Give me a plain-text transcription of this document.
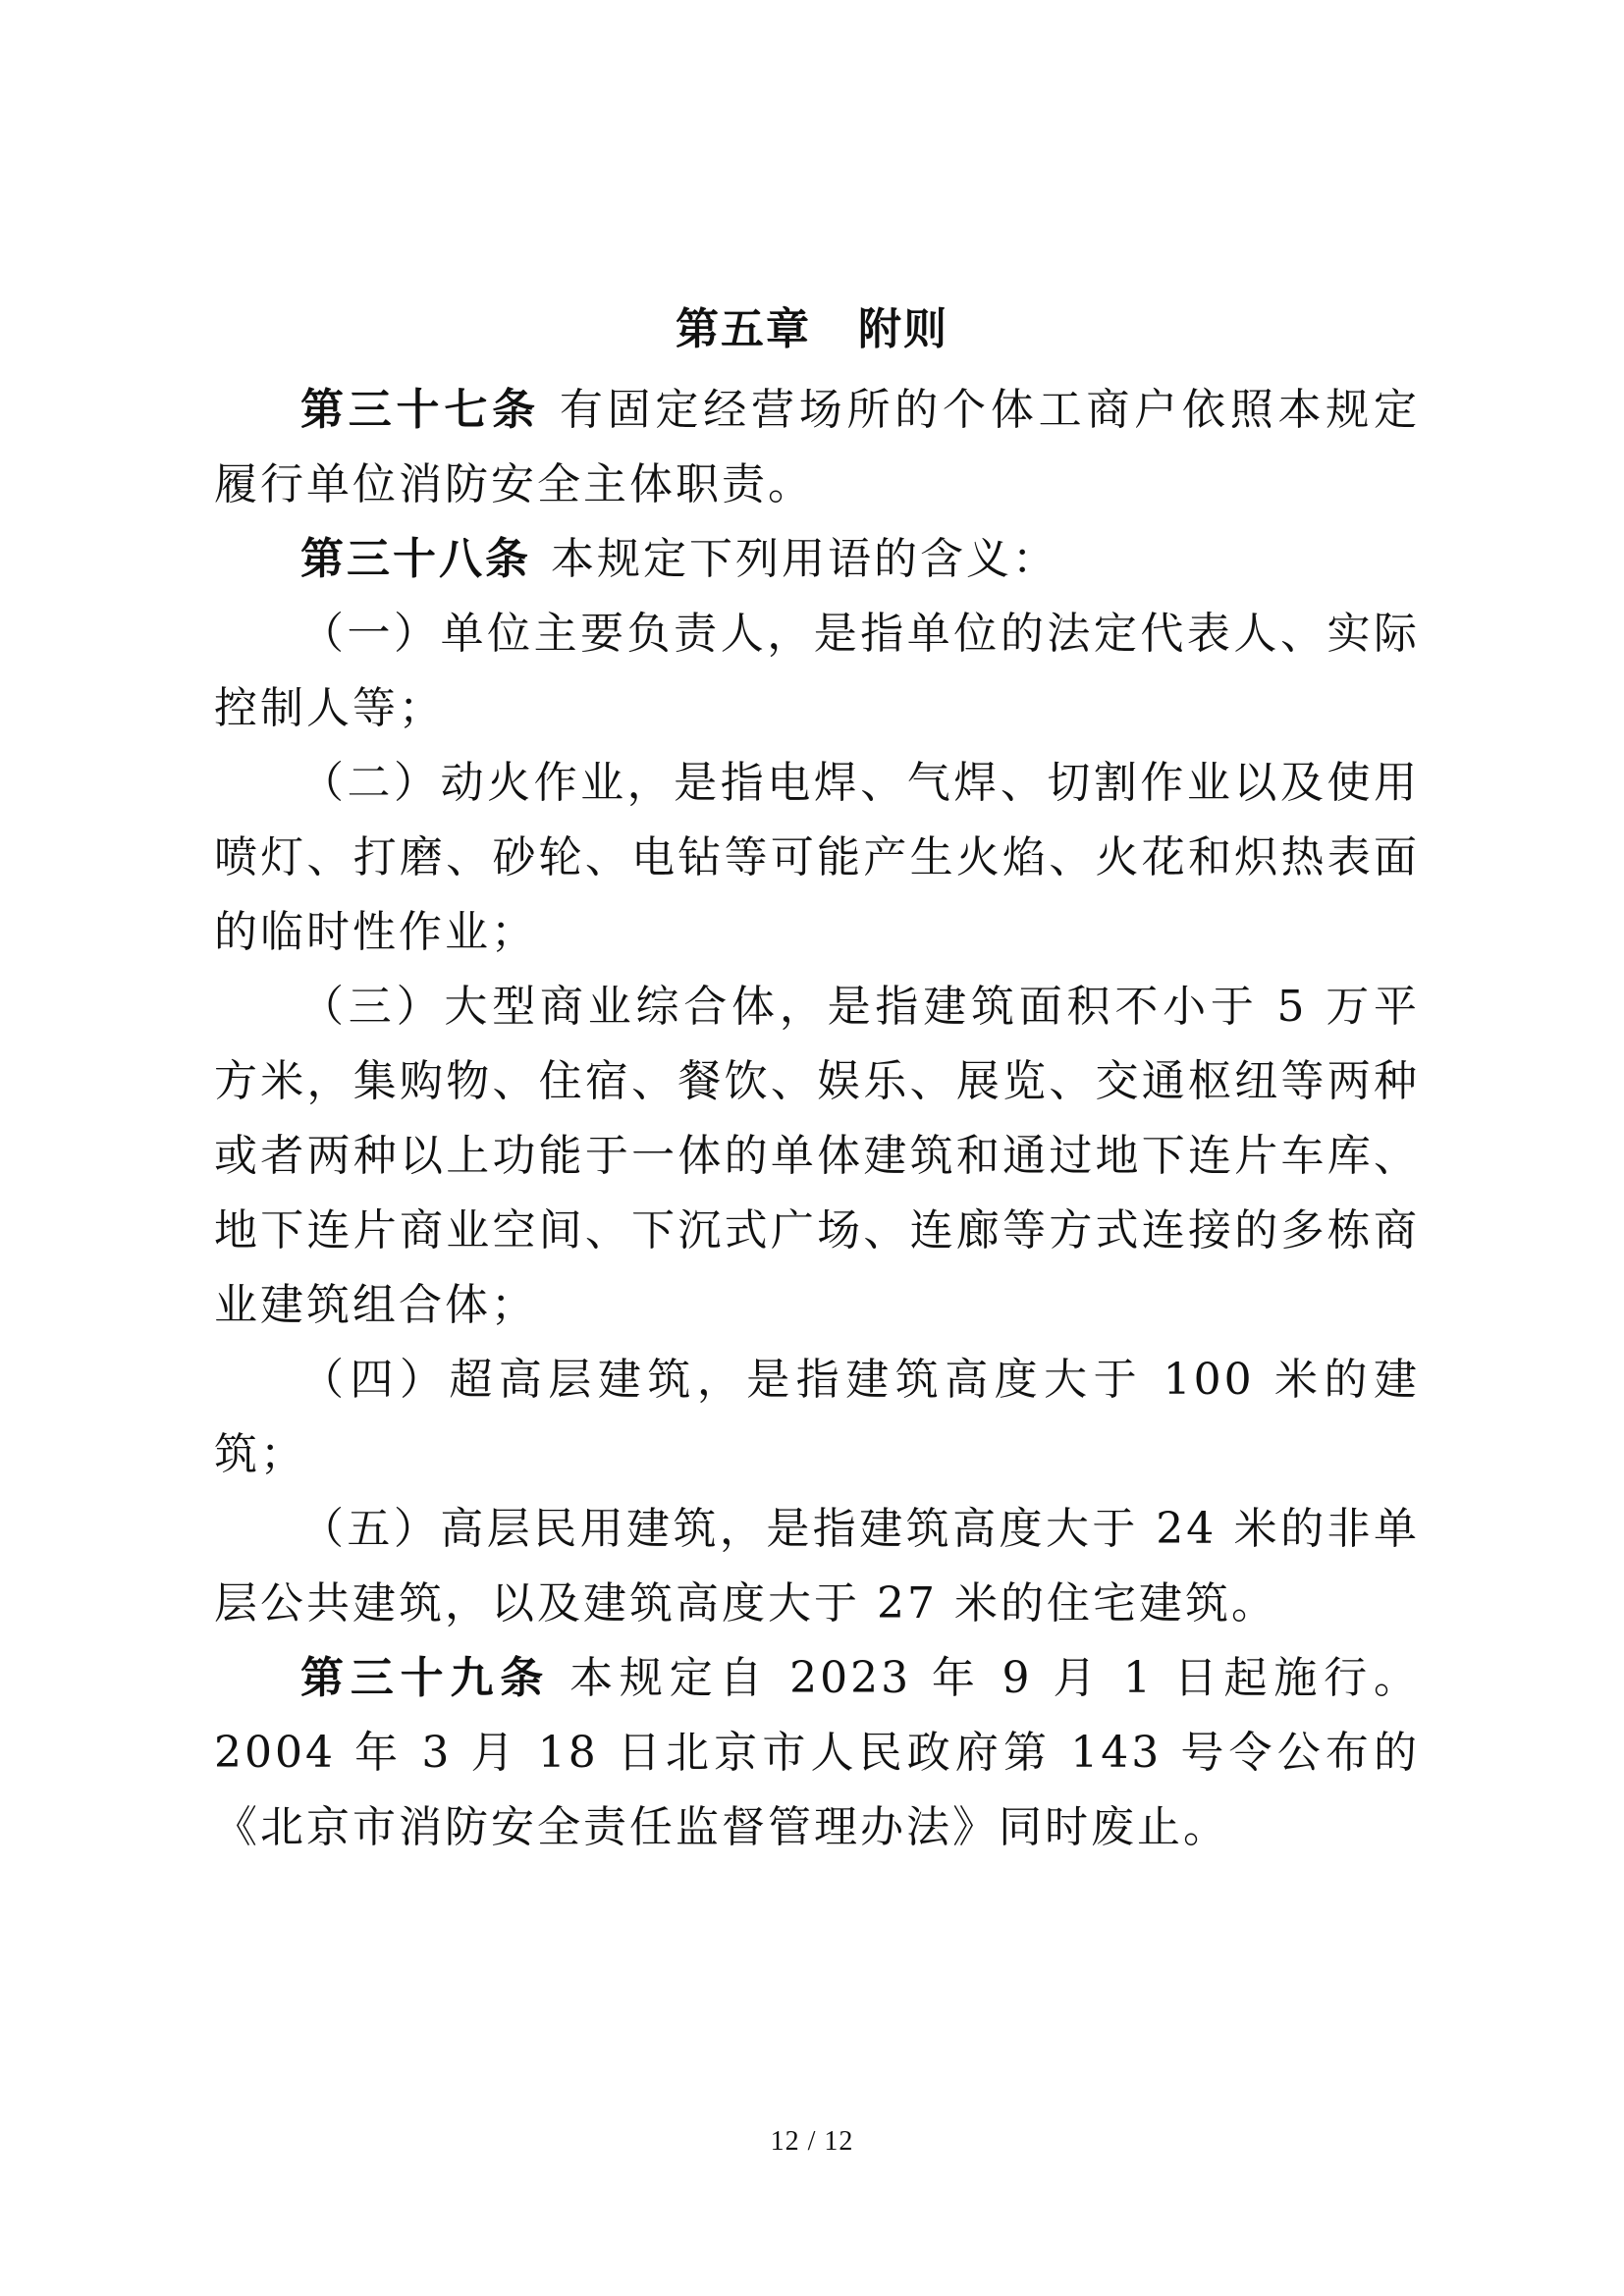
第五章 附则

第三十七条 有固定经营场所的个体工商户依照本规定履行单位消防安全主体职责。

第三十八条 本规定下列用语的含义：

（一）单位主要负责人，是指单位的法定代表人、实际控制人等；

（二）动火作业，是指电焊、气焊、切割作业以及使用喷灯、打磨、砂轮、电钻等可能产生火焰、火花和炽热表面的临时性作业；

（三）大型商业综合体，是指建筑面积不小于 5 万平方米，集购物、住宿、餐饮、娱乐、展览、交通枢纽等两种或者两种以上功能于一体的单体建筑和通过地下连片车库、地下连片商业空间、下沉式广场、连廊等方式连接的多栋商业建筑组合体；

（四）超高层建筑，是指建筑高度大于 100 米的建筑；

（五）高层民用建筑，是指建筑高度大于 24 米的非单层公共建筑，以及建筑高度大于 27 米的住宅建筑。

第三十九条 本规定自 2023 年 9 月 1 日起施行。2004 年 3 月 18 日北京市人民政府第 143 号令公布的《北京市消防安全责任监督管理办法》同时废止。

12 / 12
